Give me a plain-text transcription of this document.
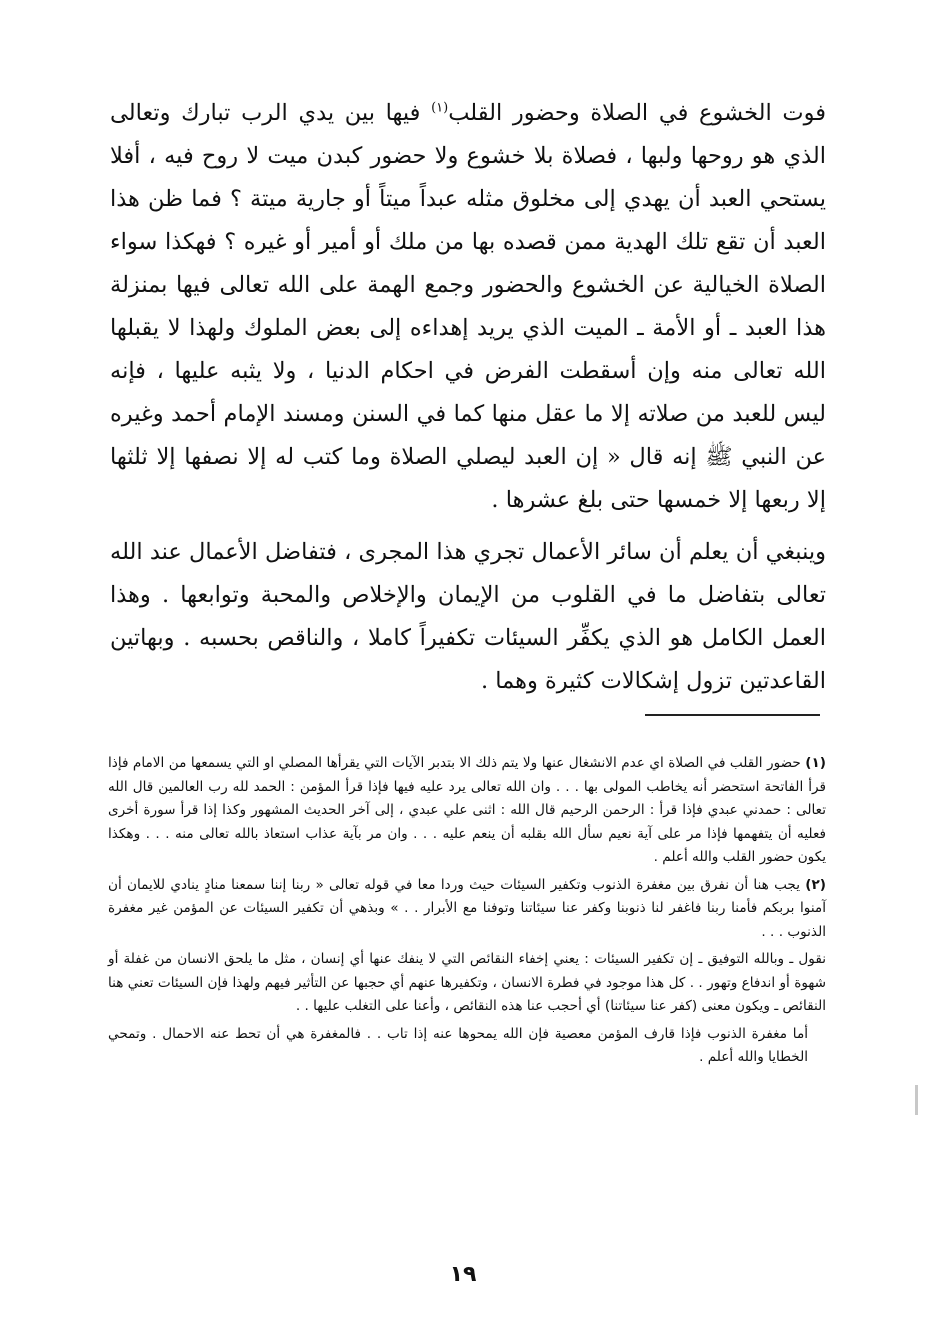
فوت الخشوع في الصلاة وحضور القلب$^{(١)}$ فيها بين يدي الرب تبارك وتعالى الذي هو روحها ولبها ، فصلاة بلا خشوع ولا حضور كبدن ميت لا روح فيه ، أفلا يستحي العبد أن يهدي إلى مخلوق مثله عبداً ميتاً أو جارية ميتة ؟ فما ظن هذا العبد أن تقع تلك الهدية ممن قصده بها من ملك أو أمير أو غيره ؟ فهكذا سواء الصلاة الخيالية عن الخشوع والحضور وجمع الهمة على الله تعالى فيها بمنزلة هذا العبد ـ أو الأمة ـ الميت الذي يريد إهداءه إلى بعض الملوك ولهذا لا يقبلها الله تعالى منه وإن أسقطت الفرض في احكام الدنيا ، ولا يثبه عليها ، فإنه ليس للعبد من صلاته إلا ما عقل منها كما في السنن ومسند الإمام أحمد وغيره عن النبي ﷺ إنه قال « إن العبد ليصلي الصلاة وما كتب له إلا نصفها إلا ثلثها إلا ربعها إلا خمسها حتى بلغ عشرها .

وينبغي أن يعلم أن سائر الأعمال تجري هذا المجرى ، فتفاضل الأعمال عند الله تعالى بتفاضل ما في القلوب من الإيمان والإخلاص والمحبة وتوابعها . وهذا العمل الكامل هو الذي يكفِّر السيئات تكفيراً كاملا ، والناقص بحسبه . وبهاتين القاعدتين تزول إشكالات كثيرة وهما .

(١) حضور القلب في الصلاة اي عدم الانشغال عنها ولا يتم ذلك الا بتدبر الآيات التي يقرأها المصلي او التي يسمعها من الامام فإذا قرأ الفاتحة استحضر أنه يخاطب المولى بها . . . وان الله تعالى يرد عليه فيها فإذا قرأ المؤمن : الحمد لله رب العالمين قال الله تعالى : حمدني عبدي فإذا قرأ : الرحمن الرحيم قال الله : اثنى علي عبدي ، إلى آخر الحديث المشهور وكذا إذا قرأ سورة أخرى فعليه أن يتفهمها فإذا مر على آية نعيم سأل الله بقلبه أن ينعم عليه . . . وان مر بآية عذاب استعاذ بالله تعالى منه . . . وهكذا يكون حضور القلب والله أعلم .

(٢) يجب هنا أن نفرق بين مغفرة الذنوب وتكفير السيئات حيث وردا معا في قوله تعالى « ربنا إننا سمعنا منادٍ ينادي للايمان أن آمنوا بربكم فأمنا ربنا فاغفر لنا ذنوبنا وكفر عنا سيئاتنا وتوفنا مع الأبرار . . » وبذهي أن تكفير السيئات عن المؤمن غير مغفرة الذنوب . . .

نقول ـ وبالله التوفيق ـ إن تكفير السيئات : يعني إخفاء النقائص التي لا ينفك عنها أي إنسان ، مثل ما يلحق الانسان من غفلة أو شهوة أو اندفاع وتهور . . كل هذا موجود في فطرة الانسان ، وتكفيرها عنهم أي حجبها عن التأثير فيهم ولهذا فإن السيئات تعني هنا النقائص ـ ويكون معنى (كفر عنا سيئاتنا) أي أحجب عنا هذه النقائص ، وأعنا على التغلب عليها . .

أما مغفرة الذنوب فإذا قارف المؤمن معصية فإن الله يمحوها عنه إذا تاب . . فالمغفرة هي أن تحط عنه الاحمال . وتمحي الخطايا والله أعلم .

١٩
